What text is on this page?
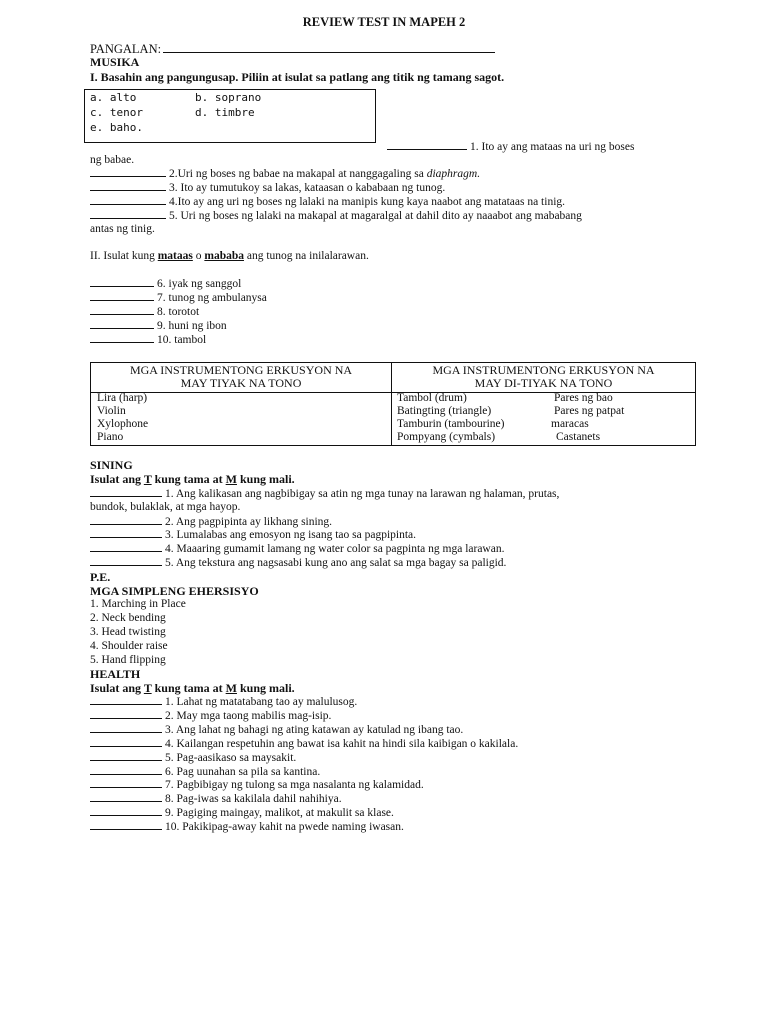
REVIEW TEST IN MAPEH 2
PANGALAN:
MUSIKA
I. Basahin ang pangungusap. Piliin at isulat sa patlang ang titik ng tamang sagot.
a. alto	b. soprano
c. tenor	d. timbre
e. baho.
1. Ito ay ang mataas na uri ng boses
ng babae.
2.Uri ng boses ng babae na makapal at nanggagaling sa diaphragm.
3. Ito ay tumutukoy sa lakas, kataasan o kababaan ng tunog.
4.Ito ay ang uri ng boses ng lalaki na manipis kung kaya naabot ang matataas na tinig.
5. Uri ng boses ng lalaki na makapal at magaralgal at dahil dito ay naaabot ang mababang
antas ng tinig.
II. Isulat kung mataas o mababa ang tunog na inilalarawan.
6. iyak ng sanggol
7. tunog ng ambulanysa
8. torotot
9. huni ng ibon
10. tambol
MGA INSTRUMENTONG ERKUSYON NA
MAY TIYAK NA TONO
Lira (harp)
Violin
Xylophone
Piano
MGA INSTRUMENTONG ERKUSYON NA
MAY DI-TIYAK NA TONO
Tambol (drum)
Batingting (triangle)
Tamburin (tambourine)
Pompyang (cymbals)
Pares ng bao
Pares ng patpat
maracas
Castanets
SINING
Isulat ang T kung tama at M kung mali.
1. Ang kalikasan ang nagbibigay sa atin ng mga tunay na larawan ng halaman, prutas,
bundok, bulaklak, at mga hayop.
2. Ang pagpipinta ay likhang sining.
3. Lumalabas ang emosyon ng isang tao sa pagpipinta.
4. Maaaring gumamit lamang ng water color sa pagpinta ng mga larawan.
5. Ang tekstura ang nagsasabi kung ano ang salat sa mga bagay sa paligid.
P.E.
MGA SIMPLENG EHERSISYO
1. Marching in Place
2. Neck bending
3. Head twisting
4. Shoulder raise
5. Hand flipping
HEALTH
Isulat ang T kung tama at M kung mali.
1. Lahat ng matatabang tao ay malulusog.
2. May mga taong mabilis mag-isip.
3. Ang lahat ng bahagi ng ating katawan ay katulad ng ibang tao.
4. Kailangan respetuhin ang bawat isa kahit na hindi sila kaibigan o kakilala.
5. Pag-aasikaso sa maysakit.
6. Pag uunahan sa pila sa kantina.
7. Pagbibigay ng tulong sa mga nasalanta ng kalamidad.
8. Pag-iwas sa kakilala dahil nahihiya.
9. Pagiging maingay, malikot, at makulit sa klase.
10. Pakikipag-away kahit na pwede naming iwasan.
